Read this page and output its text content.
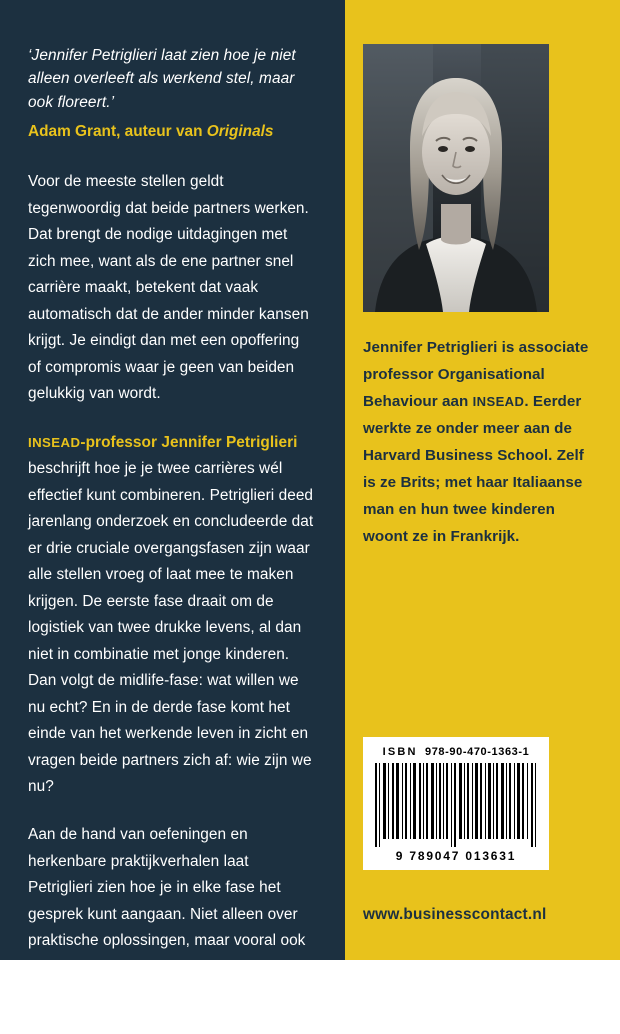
‘Jennifer Petriglieri laat zien hoe je niet alleen overleeft als werkend stel, maar ook floreert.’

Adam Grant, auteur van Originals

Voor de meeste stellen geldt tegenwoordig dat beide partners werken. Dat brengt de nodige uitdagingen met zich mee, want als de ene partner snel carrière maakt, betekent dat vaak automatisch dat de ander minder kansen krijgt. Je eindigt dan met een opoffering of compromis waar je geen van beiden gelukkig van wordt.

INSEAD-professor Jennifer Petriglieri beschrijft hoe je je twee carrières wél effectief kunt combineren. Petriglieri deed jarenlang onderzoek en concludeerde dat er drie cruciale overgangsfasen zijn waar alle stellen vroeg of laat mee te maken krijgen. De eerste fase draait om de logistiek van twee drukke levens, al dan niet in combinatie met jonge kinderen. Dan volgt de midlife-fase: wat willen we nu echt? En in de derde fase komt het einde van het werkende leven in zicht en vragen beide partners zich af: wie zijn we nu?

Aan de hand van oefeningen en herkenbare praktijkverhalen laat Petriglieri zien hoe je in elke fase het gesprek kunt aangaan. Niet alleen over praktische oplossingen, maar vooral ook over jullie wensen, dromen en principes. Met als resultaat een betekenisvolle relatie en carrière – voor jullie allebei.

Jennifer Petriglieri is associate professor Organisational Behaviour aan INSEAD. Eerder werkte ze onder meer aan de Harvard Business School. Zelf is ze Brits; met haar Italiaanse man en hun twee kinderen woont ze in Frankrijk.

ISBN 978-90-470-1363-1
9 789047 013631

www.businesscontact.nl
